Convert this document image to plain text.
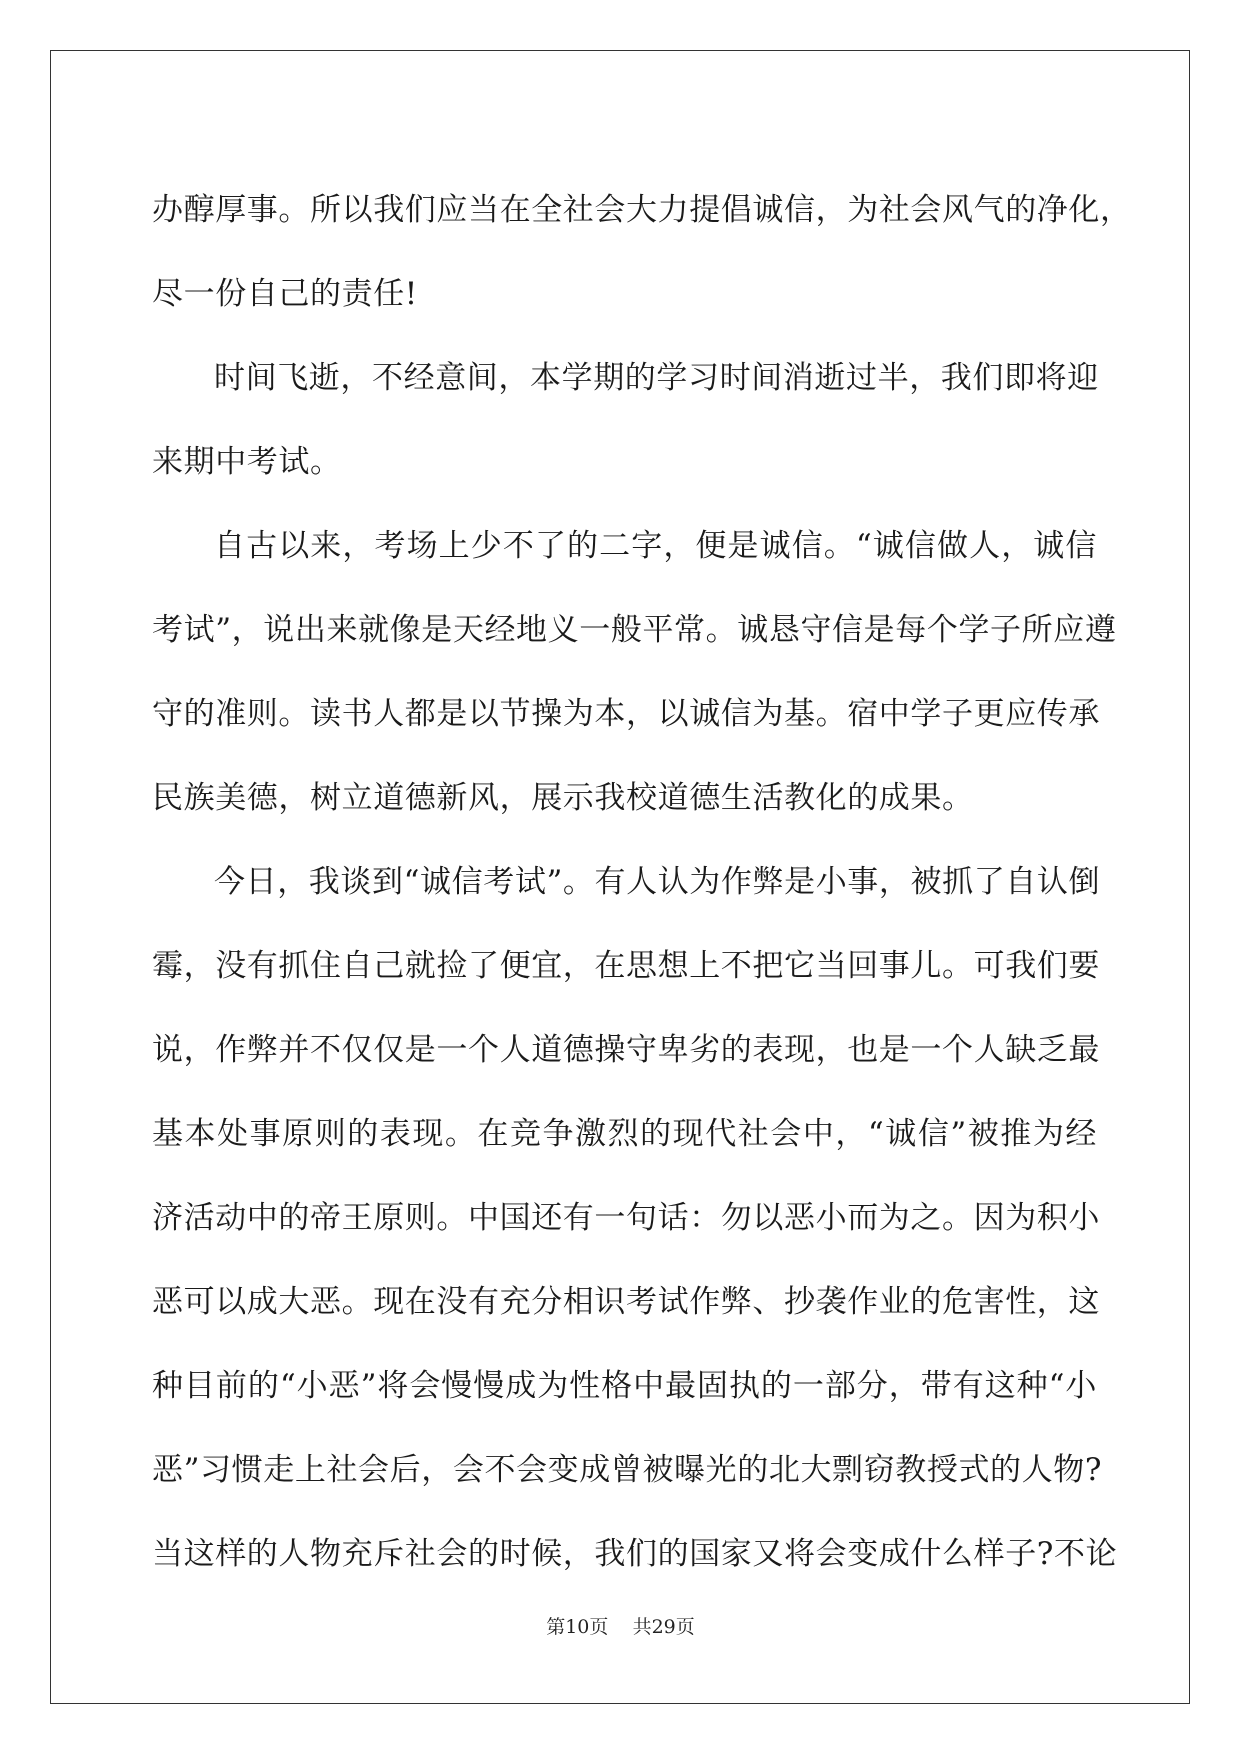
办醇厚事。所以我们应当在全社会大力提倡诚信，为社会风气的净化，
尽一份自己的责任!
时间飞逝，不经意间，本学期的学习时间消逝过半，我们即将迎
来期中考试。
自古以来，考场上少不了的二字，便是诚信。“诚信做人，诚信
考试”，说出来就像是天经地义一般平常。诚恳守信是每个学子所应遵
守的准则。读书人都是以节操为本，以诚信为基。宿中学子更应传承
民族美德，树立道德新风，展示我校道德生活教化的成果。
今日，我谈到“诚信考试”。有人认为作弊是小事，被抓了自认倒
霉，没有抓住自己就捡了便宜，在思想上不把它当回事儿。可我们要
说，作弊并不仅仅是一个人道德操守卑劣的表现，也是一个人缺乏最
基本处事原则的表现。在竞争激烈的现代社会中，“诚信”被推为经
济活动中的帝王原则。中国还有一句话：勿以恶小而为之。因为积小
恶可以成大恶。现在没有充分相识考试作弊、抄袭作业的危害性，这
种目前的“小恶”将会慢慢成为性格中最固执的一部分，带有这种“小
恶”习惯走上社会后，会不会变成曾被曝光的北大剽窃教授式的人物?
当这样的人物充斥社会的时候，我们的国家又将会变成什么样子?不论
第10页 共29页
